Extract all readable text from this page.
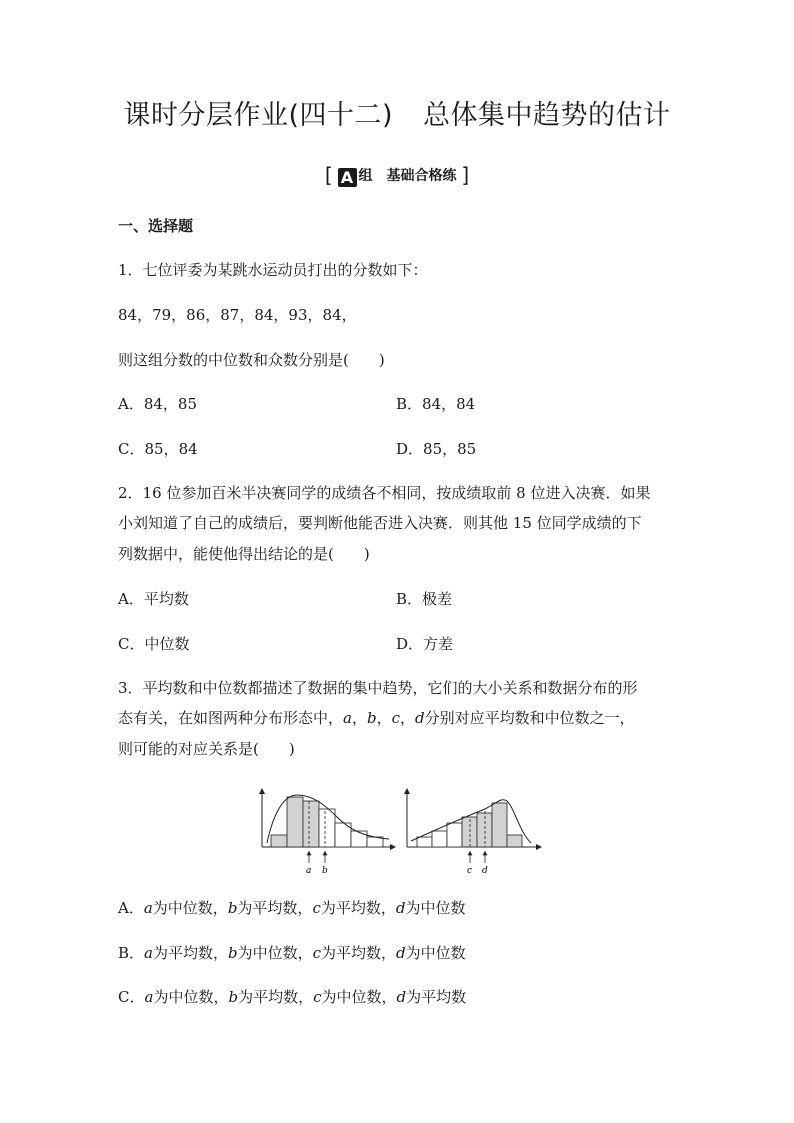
课时分层作业(四十二) 总体集中趋势的估计
[ A 组　基础合格练 ]
一、选择题
1．七位评委为某跳水运动员打出的分数如下：
84，79，86，87，84，93，84，
则这组分数的中位数和众数分别是(　　)
A．84，85	B．84，84
C．85，84	D．85，85
2．16 位参加百米半决赛同学的成绩各不相同，按成绩取前 8 位进入决赛．如果
小刘知道了自己的成绩后，要判断他能否进入决赛．则其他 15 位同学成绩的下
列数据中，能使他得出结论的是(　　)
A．平均数	B．极差
C．中位数	D．方差
3．平均数和中位数都描述了数据的集中趋势，它们的大小关系和数据分布的形
态有关，在如图两种分布形态中，a，b，c，d分别对应平均数和中位数之一，
则可能的对应关系是(　　)
a b	c d
A．a为中位数，b为平均数，c为平均数，d为中位数
B．a为平均数，b为中位数，c为平均数，d为中位数
C．a为中位数，b为平均数，c为中位数，d为平均数
